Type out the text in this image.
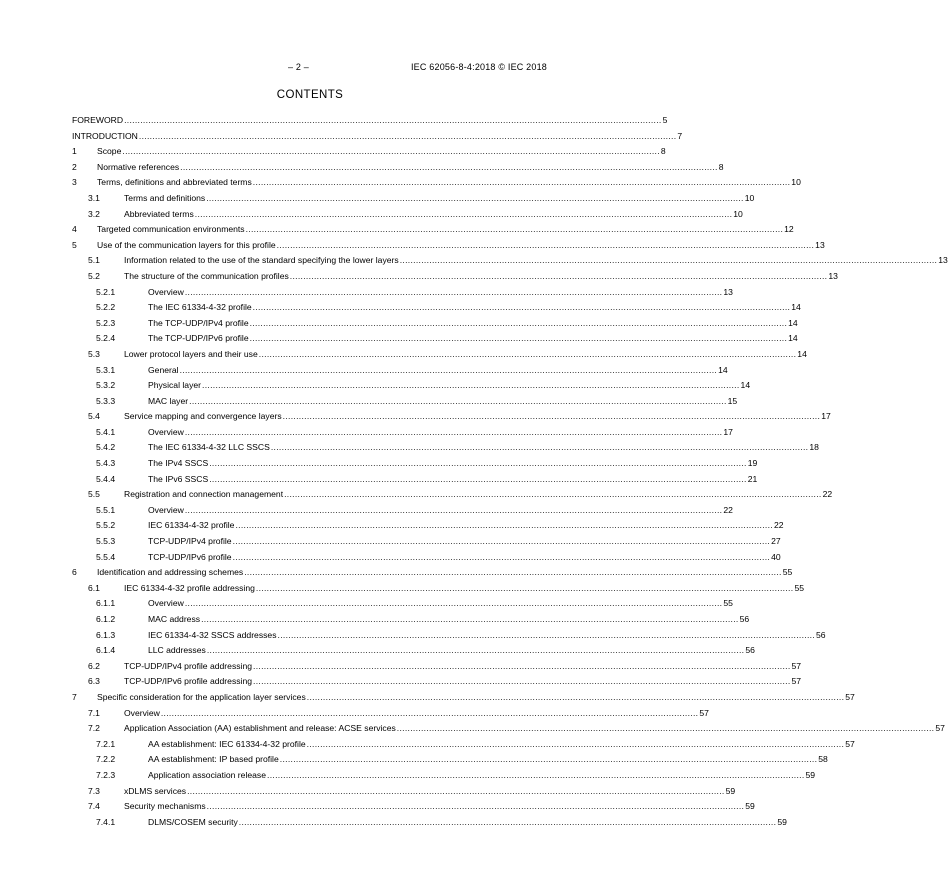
– 2 –	IEC 62056-8-4:2018 © IEC 2018
CONTENTS
FOREWORD ........................................................................................................................................................................................................ 5
INTRODUCTION ........................................................................................................................................................................................................ 7
1	Scope ........................................................................................................................................................................................................ 8
2	Normative references ........................................................................................................................................................................................................ 8
3	Terms, definitions and abbreviated terms ........................................................................................................................................................................................................ 10
3.1	Terms and definitions ........................................................................................................................................................................................................ 10
3.2	Abbreviated terms ........................................................................................................................................................................................................ 10
4	Targeted communication environments ........................................................................................................................................................................................................ 12
5	Use of the communication layers for this profile ........................................................................................................................................................................................................ 13
5.1	Information related to the use of the standard specifying the lower layers ........................................................................................................................................................................................................ 13
5.2	The structure of the communication profiles ........................................................................................................................................................................................................ 13
5.2.1	Overview ........................................................................................................................................................................................................ 13
5.2.2	The IEC 61334-4-32 profile ........................................................................................................................................................................................................ 14
5.2.3	The TCP-UDP/IPv4 profile ........................................................................................................................................................................................................ 14
5.2.4	The TCP-UDP/IPv6 profile ........................................................................................................................................................................................................ 14
5.3	Lower protocol layers and their use ........................................................................................................................................................................................................ 14
5.3.1	General ........................................................................................................................................................................................................ 14
5.3.2	Physical layer ........................................................................................................................................................................................................ 14
5.3.3	MAC layer ........................................................................................................................................................................................................ 15
5.4	Service mapping and convergence layers ........................................................................................................................................................................................................ 17
5.4.1	Overview ........................................................................................................................................................................................................ 17
5.4.2	The IEC 61334-4-32 LLC SSCS ........................................................................................................................................................................................................ 18
5.4.3	The IPv4 SSCS ........................................................................................................................................................................................................ 19
5.4.4	The IPv6 SSCS ........................................................................................................................................................................................................ 21
5.5	Registration and connection management ........................................................................................................................................................................................................ 22
5.5.1	Overview ........................................................................................................................................................................................................ 22
5.5.2	IEC 61334-4-32 profile ........................................................................................................................................................................................................ 22
5.5.3	TCP-UDP/IPv4 profile ........................................................................................................................................................................................................ 27
5.5.4	TCP-UDP/IPv6 profile ........................................................................................................................................................................................................ 40
6	Identification and addressing schemes ........................................................................................................................................................................................................ 55
6.1	IEC 61334-4-32 profile addressing ........................................................................................................................................................................................................ 55
6.1.1	Overview ........................................................................................................................................................................................................ 55
6.1.2	MAC address ........................................................................................................................................................................................................ 56
6.1.3	IEC 61334-4-32 SSCS addresses ........................................................................................................................................................................................................ 56
6.1.4	LLC addresses ........................................................................................................................................................................................................ 56
6.2	TCP-UDP/IPv4 profile addressing ........................................................................................................................................................................................................ 57
6.3	TCP-UDP/IPv6 profile addressing ........................................................................................................................................................................................................ 57
7	Specific consideration for the application layer services ........................................................................................................................................................................................................ 57
7.1	Overview ........................................................................................................................................................................................................ 57
7.2	Application Association (AA) establishment and release: ACSE services ........................................................................................................................................................................................................ 57
7.2.1	AA establishment: IEC 61334-4-32 profile ........................................................................................................................................................................................................ 57
7.2.2	AA establishment: IP based profile ........................................................................................................................................................................................................ 58
7.2.3	Application association release ........................................................................................................................................................................................................ 59
7.3	xDLMS services ........................................................................................................................................................................................................ 59
7.4	Security mechanisms ........................................................................................................................................................................................................ 59
7.4.1	DLMS/COSEM security ........................................................................................................................................................................................................ 59
